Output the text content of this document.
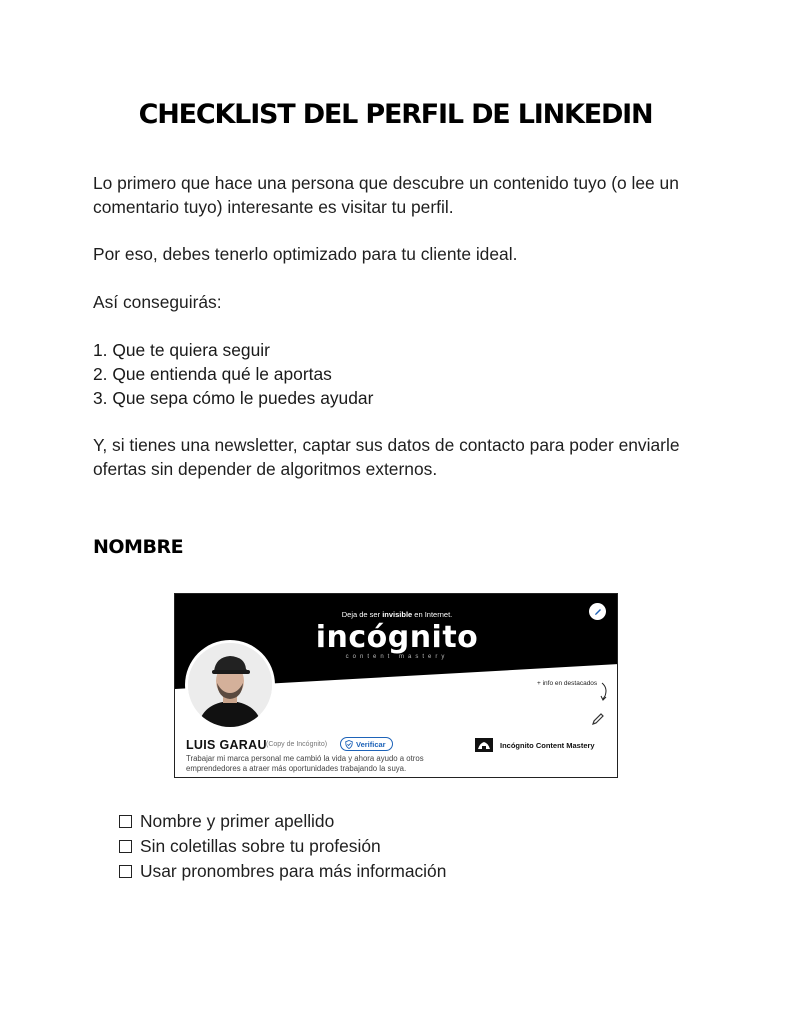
CHECKLIST DEL PERFIL DE LINKEDIN

Lo primero que hace una persona que descubre un contenido tuyo (o lee un comentario tuyo) interesante es visitar tu perfil.

Por eso, debes tenerlo optimizado para tu cliente ideal.

Así conseguirás:

1. Que te quiera seguir
2. Que entienda qué le aportas
3. Que sepa cómo le puedes ayudar

Y, si tienes una newsletter, captar sus datos de contacto para poder enviarle ofertas sin depender de algoritmos externos.

NOMBRE
Deja de ser invisible en Internet.
incógnito
content mastery
+ info en destacados
LUIS GARAU (Copy de Incógnito)	Verificar
Trabajar mi marca personal me cambió la vida y ahora ayudo a otros emprendedores a atraer más oportunidades trabajando la suya.
Incógnito Content Mastery
Nombre y primer apellido
Sin coletillas sobre tu profesión
Usar pronombres para más información
